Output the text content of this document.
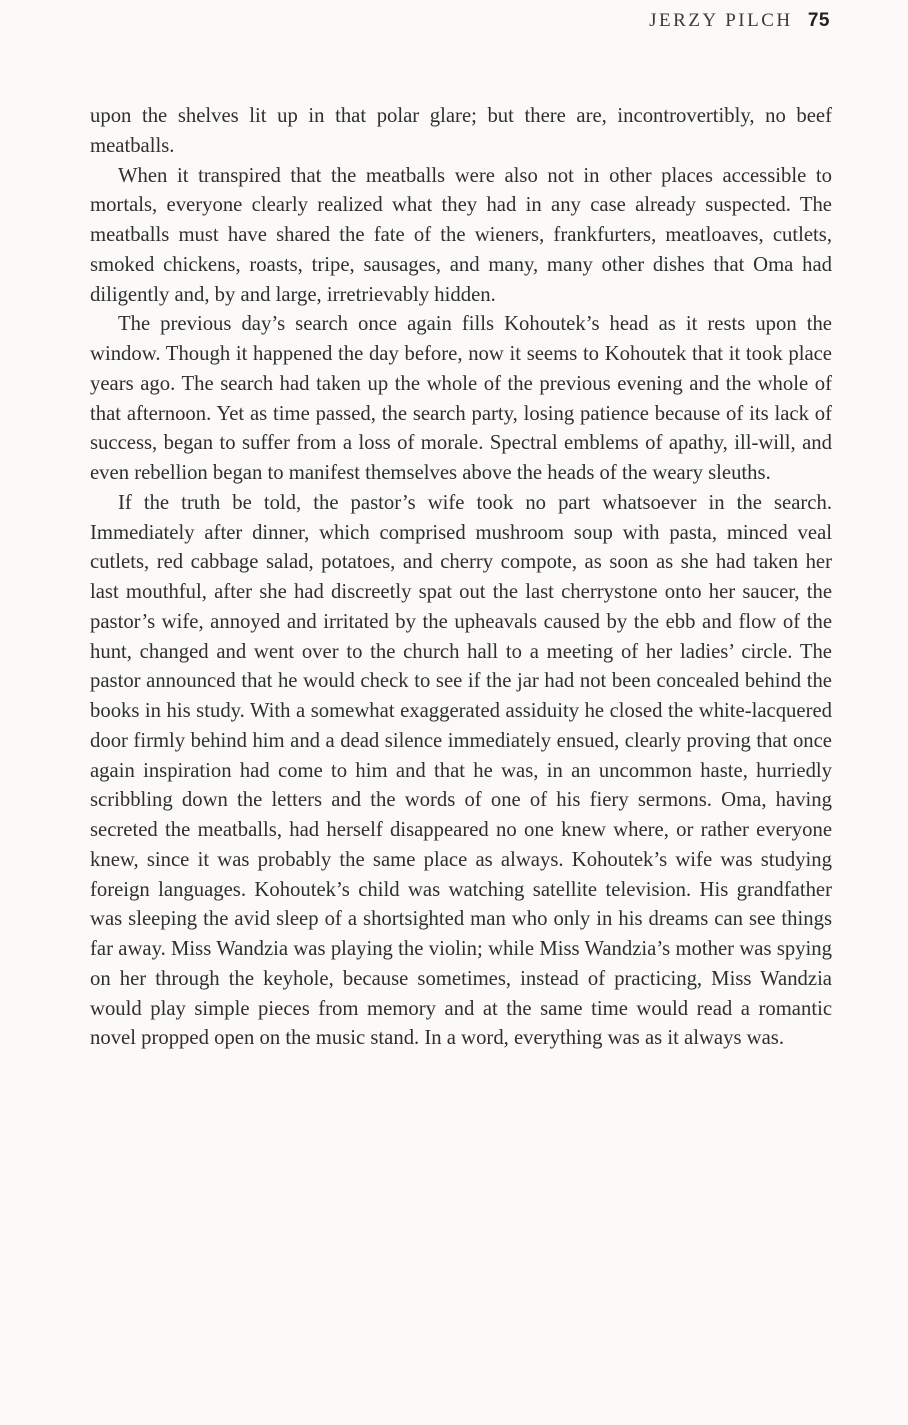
JERZY PILCH 75

upon the shelves lit up in that polar glare; but there are, incontrovertibly, no beef meatballs.

When it transpired that the meatballs were also not in other places accessible to mortals, everyone clearly realized what they had in any case already suspected. The meatballs must have shared the fate of the wieners, frankfurters, meatloaves, cutlets, smoked chickens, roasts, tripe, sausages, and many, many other dishes that Oma had diligently and, by and large, irretrievably hidden.

The previous day’s search once again fills Kohoutek’s head as it rests upon the window. Though it happened the day before, now it seems to Kohoutek that it took place years ago. The search had taken up the whole of the previous evening and the whole of that afternoon. Yet as time passed, the search party, losing patience because of its lack of success, began to suffer from a loss of morale. Spectral emblems of apathy, ill-will, and even rebellion began to manifest themselves above the heads of the weary sleuths.

If the truth be told, the pastor’s wife took no part whatsoever in the search. Immediately after dinner, which comprised mushroom soup with pasta, minced veal cutlets, red cabbage salad, potatoes, and cherry compote, as soon as she had taken her last mouthful, after she had discreetly spat out the last cherrystone onto her saucer, the pastor’s wife, annoyed and irritated by the upheavals caused by the ebb and flow of the hunt, changed and went over to the church hall to a meeting of her ladies’ circle. The pastor announced that he would check to see if the jar had not been concealed behind the books in his study. With a somewhat exaggerated assiduity he closed the white-lacquered door firmly behind him and a dead silence immediately ensued, clearly proving that once again inspiration had come to him and that he was, in an uncommon haste, hurriedly scribbling down the letters and the words of one of his fiery sermons. Oma, having secreted the meatballs, had herself disappeared no one knew where, or rather everyone knew, since it was probably the same place as always. Kohoutek’s wife was studying foreign languages. Kohoutek’s child was watching satellite television. His grandfather was sleeping the avid sleep of a shortsighted man who only in his dreams can see things far away. Miss Wandzia was playing the violin; while Miss Wandzia’s mother was spying on her through the keyhole, because sometimes, instead of practicing, Miss Wandzia would play simple pieces from memory and at the same time would read a romantic novel propped open on the music stand. In a word, everything was as it always was.
